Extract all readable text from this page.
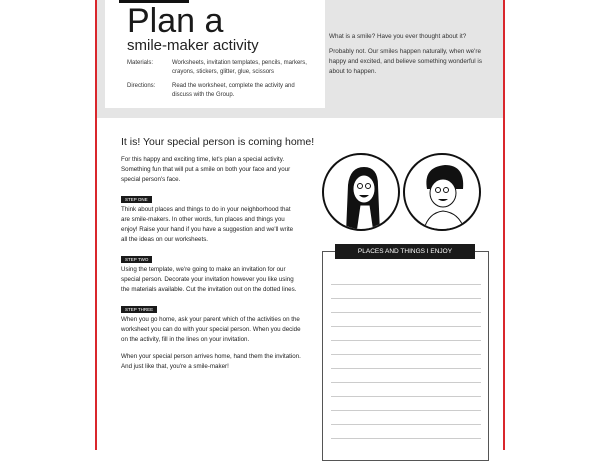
Plan a
smile-maker activity
Materials:	Worksheets, invitation templates, pencils, markers, crayons, stickers, glitter, glue, scissors
Directions:	Read the worksheet, complete the activity and discuss with the Group.

What is a smile? Have you ever thought about it?

Probably not. Our smiles happen naturally, when we're happy and excited, and believe something wonderful is about to happen.

It is! Your special person is coming home!

For this happy and exciting time, let's plan a special activity. Something fun that will put a smile on both your face and your special person's face.

STEP ONE

Think about places and things to do in your neighborhood that are smile-makers. In other words, fun places and things you enjoy! Raise your hand if you have a suggestion and we'll write all the ideas on our worksheets.

STEP TWO

Using the template, we're going to make an invitation for our special person. Decorate your invitation however you like using the materials available. Cut the invitation out on the dotted lines.

STEP THREE

When you go home, ask your parent which of the activities on the worksheet you can do with your special person. When you decide on the activity, fill in the lines on your invitation.

When your special person arrives home, hand them the invitation. And just like that, you're a smile-maker!

PLACES AND THINGS I ENJOY
